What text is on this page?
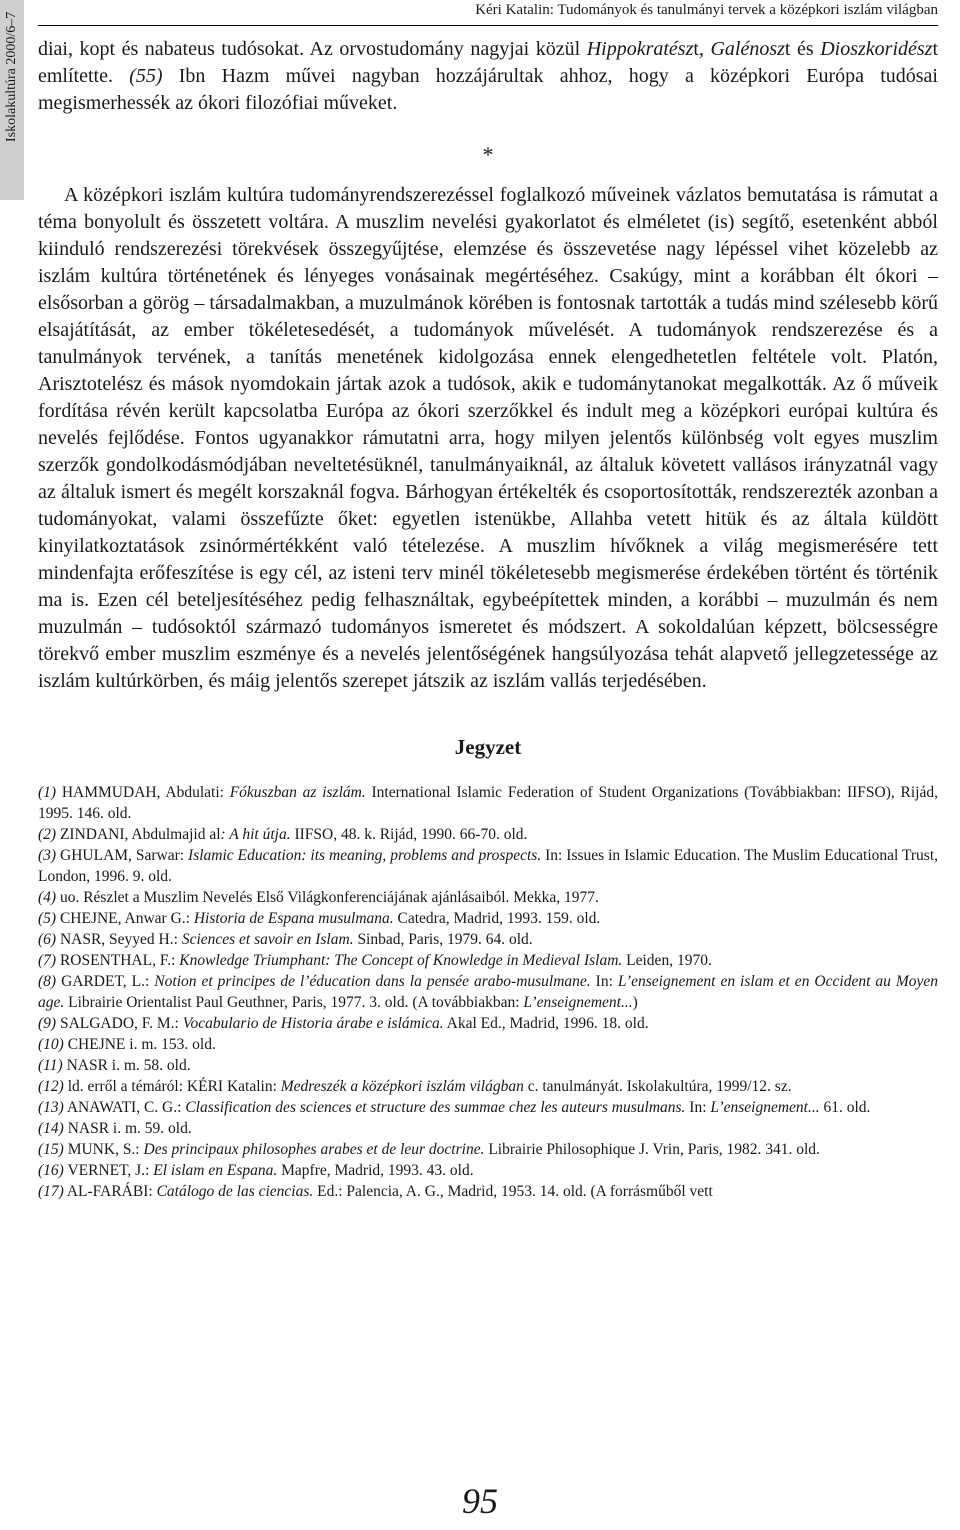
Iskolakultúra 2000/6–7
Kéri Katalin: Tudományok és tanulmányi tervek a középkori iszlám világban

diai, kopt és nabateus tudósokat. Az orvostudomány nagyjai közül Hippokratészt, Galénoszt és Dioszkoridészt említette. (55) Ibn Hazm művei nagyban hozzájárultak ahhoz, hogy a középkori Európa tudósai megismerhessék az ókori filozófiai műveket.

*

A középkori iszlám kultúra tudományrendszerezéssel foglalkozó műveinek vázlatos bemutatása is rámutat a téma bonyolult és összetett voltára. A muszlim nevelési gyakorlatot és elméletet (is) segítő, esetenként abból kiinduló rendszerezési törekvések összegyűjtése, elemzése és összevetése nagy lépéssel vihet közelebb az iszlám kultúra történetének és lényeges vonásainak megértéséhez. Csakúgy, mint a korábban élt ókori – elsősorban a görög – társadalmakban, a muzulmánok körében is fontosnak tartották a tudás mind szélesebb körű elsajátítását, az ember tökéletesedését, a tudományok művelését. A tudományok rendszerezése és a tanulmányok tervének, a tanítás menetének kidolgozása ennek elengedhetetlen feltétele volt. Platón, Arisztotelész és mások nyomdokain jártak azok a tudósok, akik e tudománytanokat megalkották. Az ő műveik fordítása révén került kapcsolatba Európa az ókori szerzőkkel és indult meg a középkori európai kultúra és nevelés fejlődése. Fontos ugyanakkor rámutatni arra, hogy milyen jelentős különbség volt egyes muszlim szerzők gondolkodásmódjában neveltetésüknél, tanulmányaiknál, az általuk követett vallásos irányzatnál vagy az általuk ismert és megélt korszaknál fogva. Bárhogyan értékelték és csoportosították, rendszerezték azonban a tudományokat, valami összefűzte őket: egyetlen istenükbe, Allahba vetett hitük és az általa küldött kinyilatkoztatások zsinórmértékként való tételezése. A muszlim hívőknek a világ megismerésére tett mindenfajta erőfeszítése is egy cél, az isteni terv minél tökéletesebb megismerése érdekében történt és történik ma is. Ezen cél beteljesítéséhez pedig felhasználtak, egybeépítettek minden, a korábbi – muzulmán és nem muzulmán – tudósoktól származó tudományos ismeretet és módszert. A sokoldalúan képzett, bölcsességre törekvő ember muszlim eszménye és a nevelés jelentőségének hangsúlyozása tehát alapvető jellegzetessége az iszlám kultúrkörben, és máig jelentős szerepet játszik az iszlám vallás terjedésében.

Jegyzet
(1) HAMMUDAH, Abdulati: Fókuszban az iszlám. International Islamic Federation of Student Organizations (Továbbiakban: IIFSO), Rijád, 1995. 146. old.
(2) ZINDANI, Abdulmajid al: A hit útja. IIFSO, 48. k. Rijád, 1990. 66-70. old.
(3) GHULAM, Sarwar: Islamic Education: its meaning, problems and prospects. In: Issues in Islamic Education. The Muslim Educational Trust, London, 1996. 9. old.
(4) uo. Részlet a Muszlim Nevelés Első Világkonferenciájának ajánlásaiból. Mekka, 1977.
(5) CHEJNE, Anwar G.: Historia de Espana musulmana. Catedra, Madrid, 1993. 159. old.
(6) NASR, Seyyed H.: Sciences et savoir en Islam. Sinbad, Paris, 1979. 64. old.
(7) ROSENTHAL, F.: Knowledge Triumphant: The Concept of Knowledge in Medieval Islam. Leiden, 1970.
(8) GARDET, L.: Notion et principes de l’éducation dans la pensée arabo-musulmane. In: L’enseignement en islam et en Occident au Moyen age. Librairie Orientalist Paul Geuthner, Paris, 1977. 3. old. (A továbbiakban: L’enseignement...)
(9) SALGADO, F. M.: Vocabulario de Historia árabe e islámica. Akal Ed., Madrid, 1996. 18. old.
(10) CHEJNE i. m. 153. old.
(11) NASR i. m. 58. old.
(12) ld. erről a témáról: KÉRI Katalin: Medreszék a középkori iszlám világban c. tanulmányát. Iskolakultúra, 1999/12. sz.
(13) ANAWATI, C. G.: Classification des sciences et structure des summae chez les auteurs musulmans. In: L’enseignement... 61. old.
(14) NASR i. m. 59. old.
(15) MUNK, S.: Des principaux philosophes arabes et de leur doctrine. Librairie Philosophique J. Vrin, Paris, 1982. 341. old.
(16) VERNET, J.: El islam en Espana. Mapfre, Madrid, 1993. 43. old.
(17) AL-FARÁBI: Catálogo de las ciencias. Ed.: Palencia, A. G., Madrid, 1953. 14. old. (A forrásműből vett
95
